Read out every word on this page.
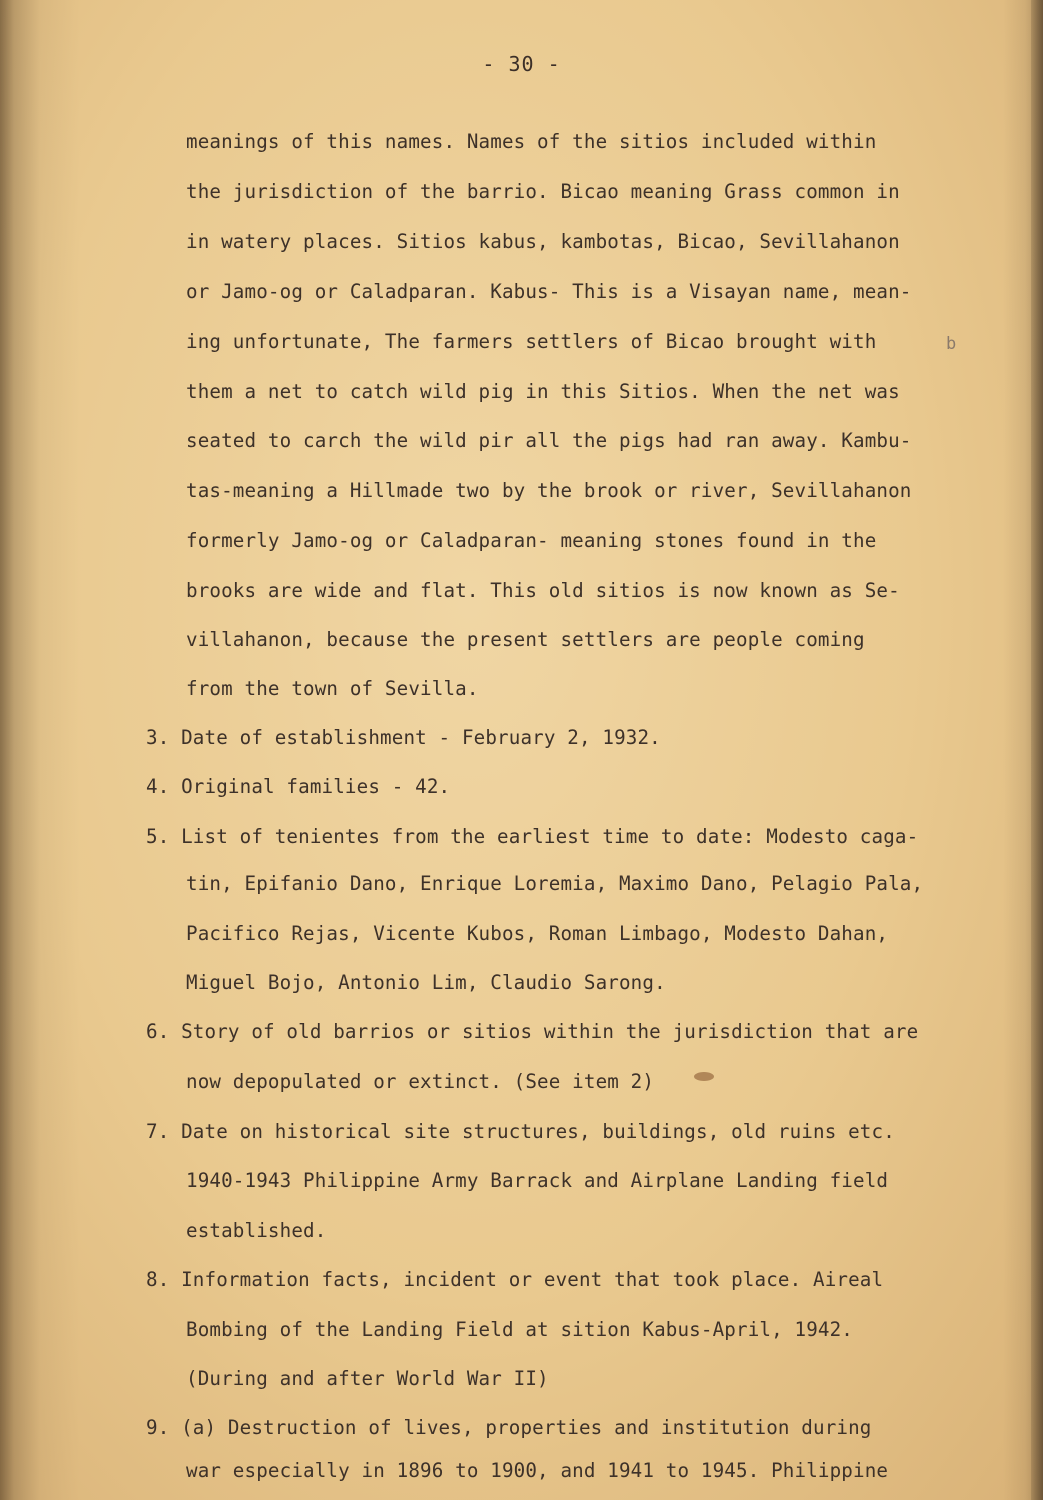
- 30 -
b
meanings of this names. Names of the sitios included within
the jurisdiction of the barrio. Bicao meaning Grass common in
in watery places. Sitios kabus, kambotas, Bicao, Sevillahanon
or Jamo-og or Caladparan. Kabus- This is a Visayan name, mean-
ing unfortunate, The farmers settlers of Bicao brought with
them a net to catch wild pig in this Sitios. When the net was
seated to carch the wild pir all the pigs had ran away. Kambu-
tas-meaning a Hillmade two by the brook or river, Sevillahanon
formerly Jamo-og or Caladparan- meaning stones found in the
brooks are wide and flat. This old sitios is now known as Se-
villahanon, because the present settlers are people coming
from the town of Sevilla.
3. Date of establishment - February 2, 1932.
4. Original families - 42.
5. List of tenientes from the earliest time to date: Modesto caga-
tin, Epifanio Dano, Enrique Loremia, Maximo Dano, Pelagio Pala,
Pacifico Rejas, Vicente Kubos, Roman Limbago, Modesto Dahan,
Miguel Bojo, Antonio Lim, Claudio Sarong.
6. Story of old barrios or sitios within the jurisdiction that are
now depopulated or extinct. (See item 2)
7. Date on historical site structures, buildings, old ruins etc.
1940-1943 Philippine Army Barrack and Airplane Landing field
established.
8. Information facts, incident or event that took place. Aireal
Bombing of the Landing Field at sition Kabus-April, 1942.
(During and after World War II)
9. (a) Destruction of lives, properties and institution during
war especially in 1896 to 1900, and 1941 to 1945. Philippine
